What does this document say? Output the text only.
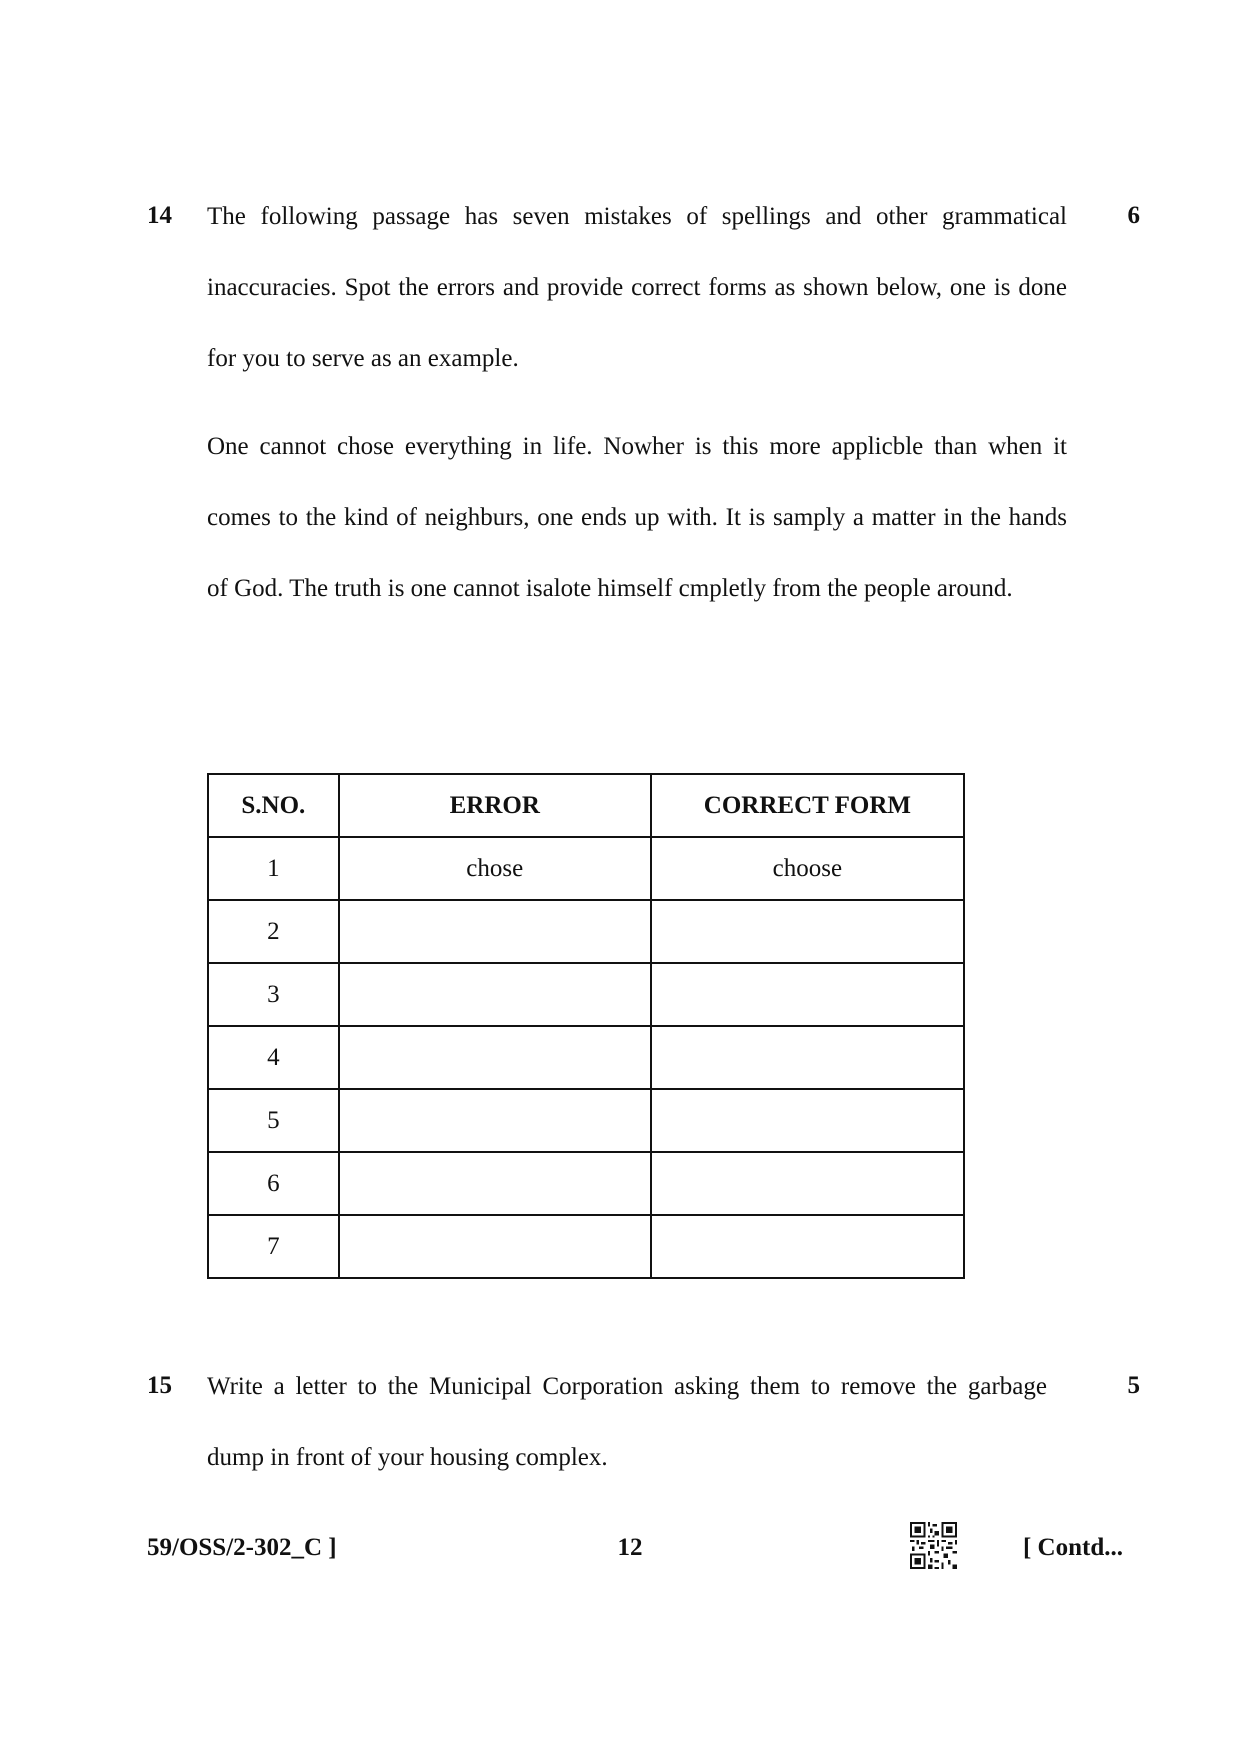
14	6

The following passage has seven mistakes of spellings and other grammatical inaccuracies. Spot the errors and provide correct forms as shown below, one is done for you to serve as an example.

One cannot chose everything in life. Nowher is this more applicble than when it comes to the kind of neighburs, one ends up with. It is samply a matter in the hands of God. The truth is one cannot isalote himself cmpletly from the people around.

S.NO.	ERROR	CORRECT FORM
1	chose	choose
2		
3		
4		
5		
6		
7		
15	5

Write a letter to the Municipal Corporation asking them to remove the garbage dump in front of your housing complex.

59/OSS/2-302_C ]	12	[ Contd...
